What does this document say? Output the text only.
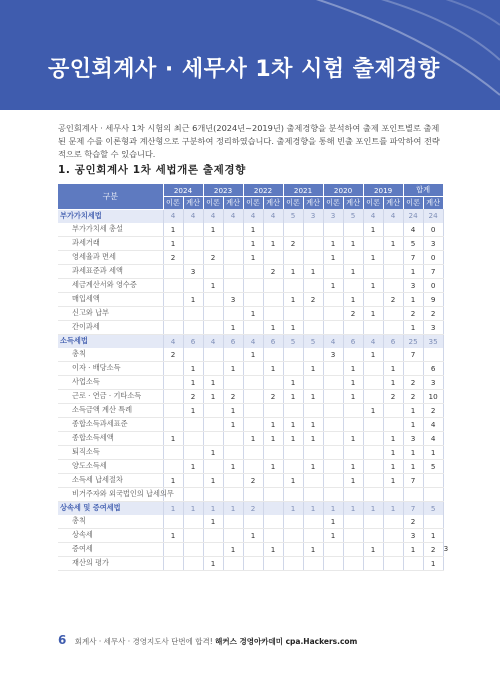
공인회계사 · 세무사 1차 시험 출제경향
공인회계사 · 세무사 1차 시험의 최근 6개년(2024년~2019년) 출제경향을 분석하여 출제 포인트별로 출제된 문제 수를 이론형과 계산형으로 구분하여 정리하였습니다. 출제경향을 통해 빈출 포인트를 파악하여 전략적으로 학습할 수 있습니다.
1. 공인회계사 1차 세법개론 출제경향
구분	2024		2023		2022		2021		2020		2019		합계		
	이론	계산	이론	계산	이론	계산	이론	계산	이론	계산	이론	계산	이론	계산	
부가가치세법	4	4	4	4	4	4	5	3	3	5	4	4	24	24	
부가가치세 총설	1		1		1						1		4	0	
과세거래	1				1	1	2		1	1		1	5	3	
영세율과 면세	2		2		1				1		1		7	0	
과세표준과 세액		3				2	1	1		1			1	7	
세금계산서와 영수증			1						1		1		3	0	
매입세액		1		3			1	2		1		2	1	9	
신고와 납부					1					2	1		2	2	
간이과세				1		1	1						1	3	
소득세법	4	6	4	6	4	6	5	5	4	6	4	6	25	35	
총칙	2				1				3		1		7		
이자 · 배당소득		1		1		1		1		1		1		6	
사업소득		1	1				1			1		1	2	3	
근로 · 연금 · 기타소득		2	1	2		2	1	1		1		2	2	10	
소득금액 계산 특례		1		1							1		1	2	
종합소득과세표준				1		1	1	1					1	4	
종합소득세액	1				1	1	1	1		1		1	3	4	
퇴직소득			1									1	1	1	
양도소득세		1		1		1		1		1		1	1	5	
소득세 납세절차	1		1		2		1			1		1	7		
비거주자와 외국법인의 납세의무															
상속세 및 증여세법	1	1	1	1	2		1	1	1	1	1	1	7	5	
총칙			1						1				2		
상속세	1				1				1				3	1	
증여세				1		1		1			1		1	2	3
재산의 평가			1											1	
6 회계사 · 세무사 · 경영지도사 단번에 합격! 해커스 경영아카데미 cpa.Hackers.com
